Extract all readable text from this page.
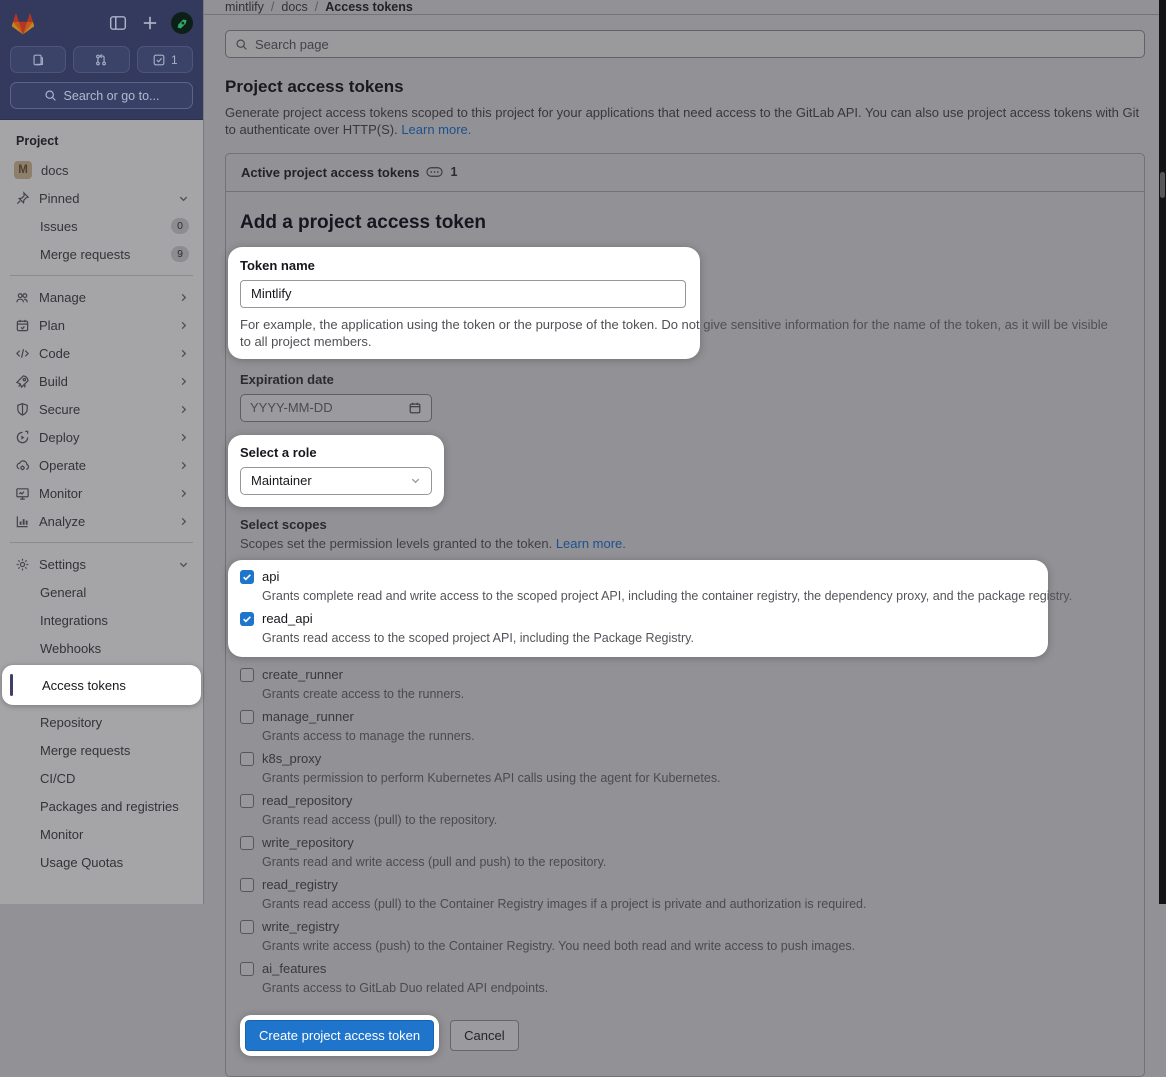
1
Search or go to...
Project
M	docs
Pinned
Issues	0
Merge requests	9
Manage
Plan
Code
Build
Secure
Deploy
Operate
Monitor
Analyze
Settings
General
Integrations
Webhooks
Access tokens
Repository
Merge requests
CI/CD
Packages and registries
Monitor
Usage Quotas
mintlify / docs / Access tokens
Search page
Project access tokens

Generate project access tokens scoped to this project for your applications that need access to the GitLab API. You can also use project access tokens with Git to authenticate over HTTP(S). Learn more.

Active project access tokens 1
Add a project access token
Token name
Mintlify
For example, the application using the token or the purpose of the token. Do not give sensitive information for the name of the token, as it will be visible to all project members.
Expiration date
YYYY-MM-DD
Select a role
Maintainer
Select scopes
Scopes set the permission levels granted to the token. Learn more.
api
Grants complete read and write access to the scoped project API, including the container registry, the dependency proxy, and the package registry.
read_api
Grants read access to the scoped project API, including the Package Registry.
create_runner
Grants create access to the runners.
manage_runner
Grants access to manage the runners.
k8s_proxy
Grants permission to perform Kubernetes API calls using the agent for Kubernetes.
read_repository
Grants read access (pull) to the repository.
write_repository
Grants read and write access (pull and push) to the repository.
read_registry
Grants read access (pull) to the Container Registry images if a project is private and authorization is required.
write_registry
Grants write access (push) to the Container Registry. You need both read and write access to push images.
ai_features
Grants access to GitLab Duo related API endpoints.
Create project access token	Cancel
